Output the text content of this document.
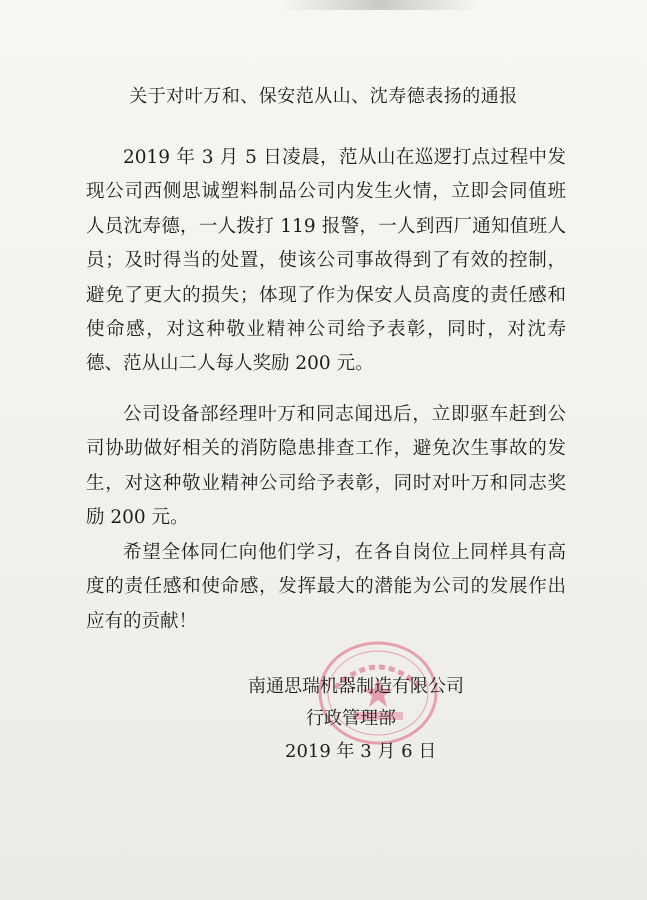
关于对叶万和、保安范从山、沈寿德表扬的通报

2019 年 3 月 5 日凌晨，范从山在巡逻打点过程中发现公司西侧思诚塑料制品公司内发生火情，立即会同值班人员沈寿德，一人拨打 119 报警，一人到西厂通知值班人员；及时得当的处置，使该公司事故得到了有效的控制，避免了更大的损失；体现了作为保安人员高度的责任感和使命感，对这种敬业精神公司给予表彰，同时，对沈寿德、范从山二人每人奖励 200 元。

公司设备部经理叶万和同志闻迅后，立即驱车赶到公司协助做好相关的消防隐患排查工作，避免次生事故的发生，对这种敬业精神公司给予表彰，同时对叶万和同志奖励 200 元。

希望全体同仁向他们学习，在各自岗位上同样具有高度的责任感和使命感，发挥最大的潜能为公司的发展作出应有的贡献！

南通思瑞机器制造有限公司
行政管理部
2019 年 3 月 6 日
